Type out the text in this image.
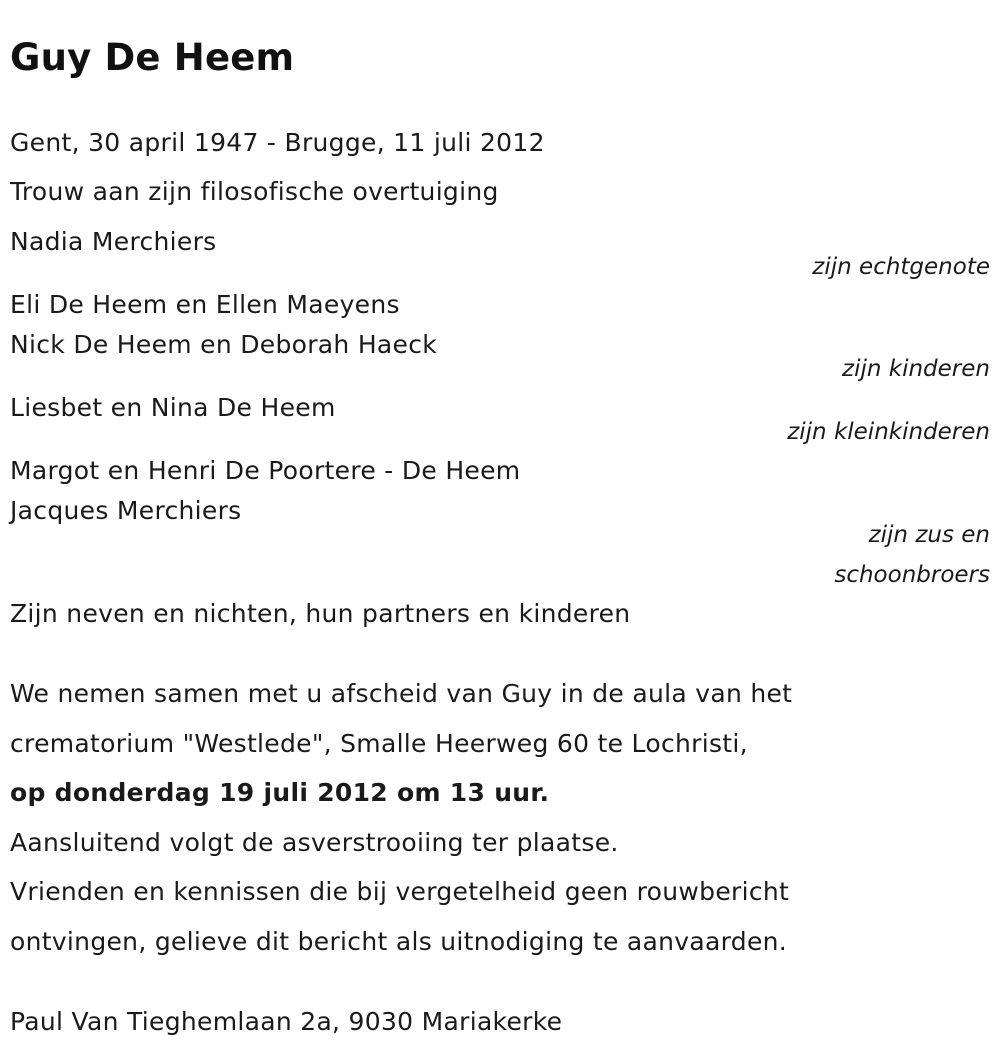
Guy De Heem
Gent, 30 april 1947 - Brugge, 11 juli 2012
Trouw aan zijn filosofische overtuiging
Nadia Merchiers
zijn echtgenote
Eli De Heem en Ellen Maeyens
Nick De Heem en Deborah Haeck
zijn kinderen
Liesbet en Nina De Heem
zijn kleinkinderen
Margot en Henri De Poortere - De Heem
Jacques Merchiers
zijn zus en
schoonbroers
Zijn neven en nichten, hun partners en kinderen
We nemen samen met u afscheid van Guy in de aula van het
crematorium "Westlede", Smalle Heerweg 60 te Lochristi,
op donderdag 19 juli 2012 om 13 uur.
Aansluitend volgt de asverstrooiing ter plaatse.
Vrienden en kennissen die bij vergetelheid geen rouwbericht
ontvingen, gelieve dit bericht als uitnodiging te aanvaarden.
Paul Van Tieghemlaan 2a, 9030 Mariakerke
